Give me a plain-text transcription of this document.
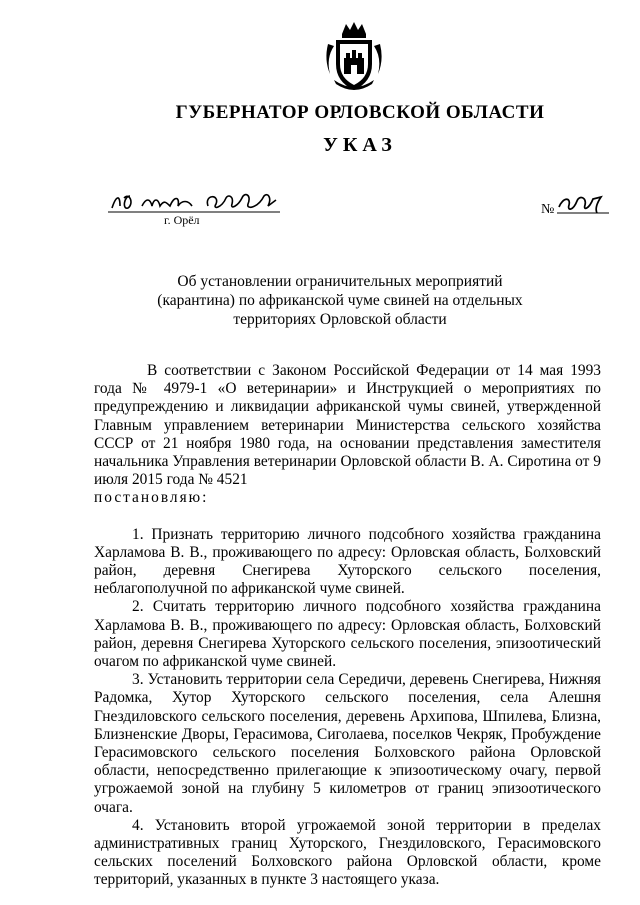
ГУБЕРНАТОР ОРЛОВСКОЙ ОБЛАСТИ
УКАЗ
г. Орёл
№
Об установлении ограничительных мероприятий
(карантина) по африканской чуме свиней на отдельных
территориях Орловской области

В соответствии с Законом Российской Федерации от 14 мая 1993 года № 4979-1 «О ветеринарии» и Инструкцией о мероприятиях по предупреждению и ликвидации африканской чумы свиней, утвержденной Главным управлением ветеринарии Министерства сельского хозяйства СССР от 21 ноября 1980 года, на основании представления заместителя начальника Управления ветеринарии Орловской области В. А. Сиротина от 9 июля 2015 года № 4521

постановляю:

1. Признать территорию личного подсобного хозяйства гражданина Харламова В. В., проживающего по адресу: Орловская область, Болховский район, деревня Снегирева Хуторского сельского поселения, неблагополучной по африканской чуме свиней.

2. Считать территорию личного подсобного хозяйства гражданина Харламова В. В., проживающего по адресу: Орловская область, Болховский район, деревня Снегирева Хуторского сельского поселения, эпизоотический очагом по африканской чуме свиней.

3. Установить территории села Середичи, деревень Снегирева, Нижняя Радомка, Хутор Хуторского сельского поселения, села Алешня Гнездиловского сельского поселения, деревень Архипова, Шпилева, Близна, Близненские Дворы, Герасимова, Сиголаева, поселков Чекряк, Пробуждение Герасимовского сельского поселения Болховского района Орловской области, непосредственно прилегающие к эпизоотическому очагу, первой угрожаемой зоной на глубину 5 километров от границ эпизоотического очага.

4. Установить второй угрожаемой зоной территории в пределах административных границ Хуторского, Гнездиловского, Герасимовского сельских поселений Болховского района Орловской области, кроме территорий, указанных в пункте 3 настоящего указа.
